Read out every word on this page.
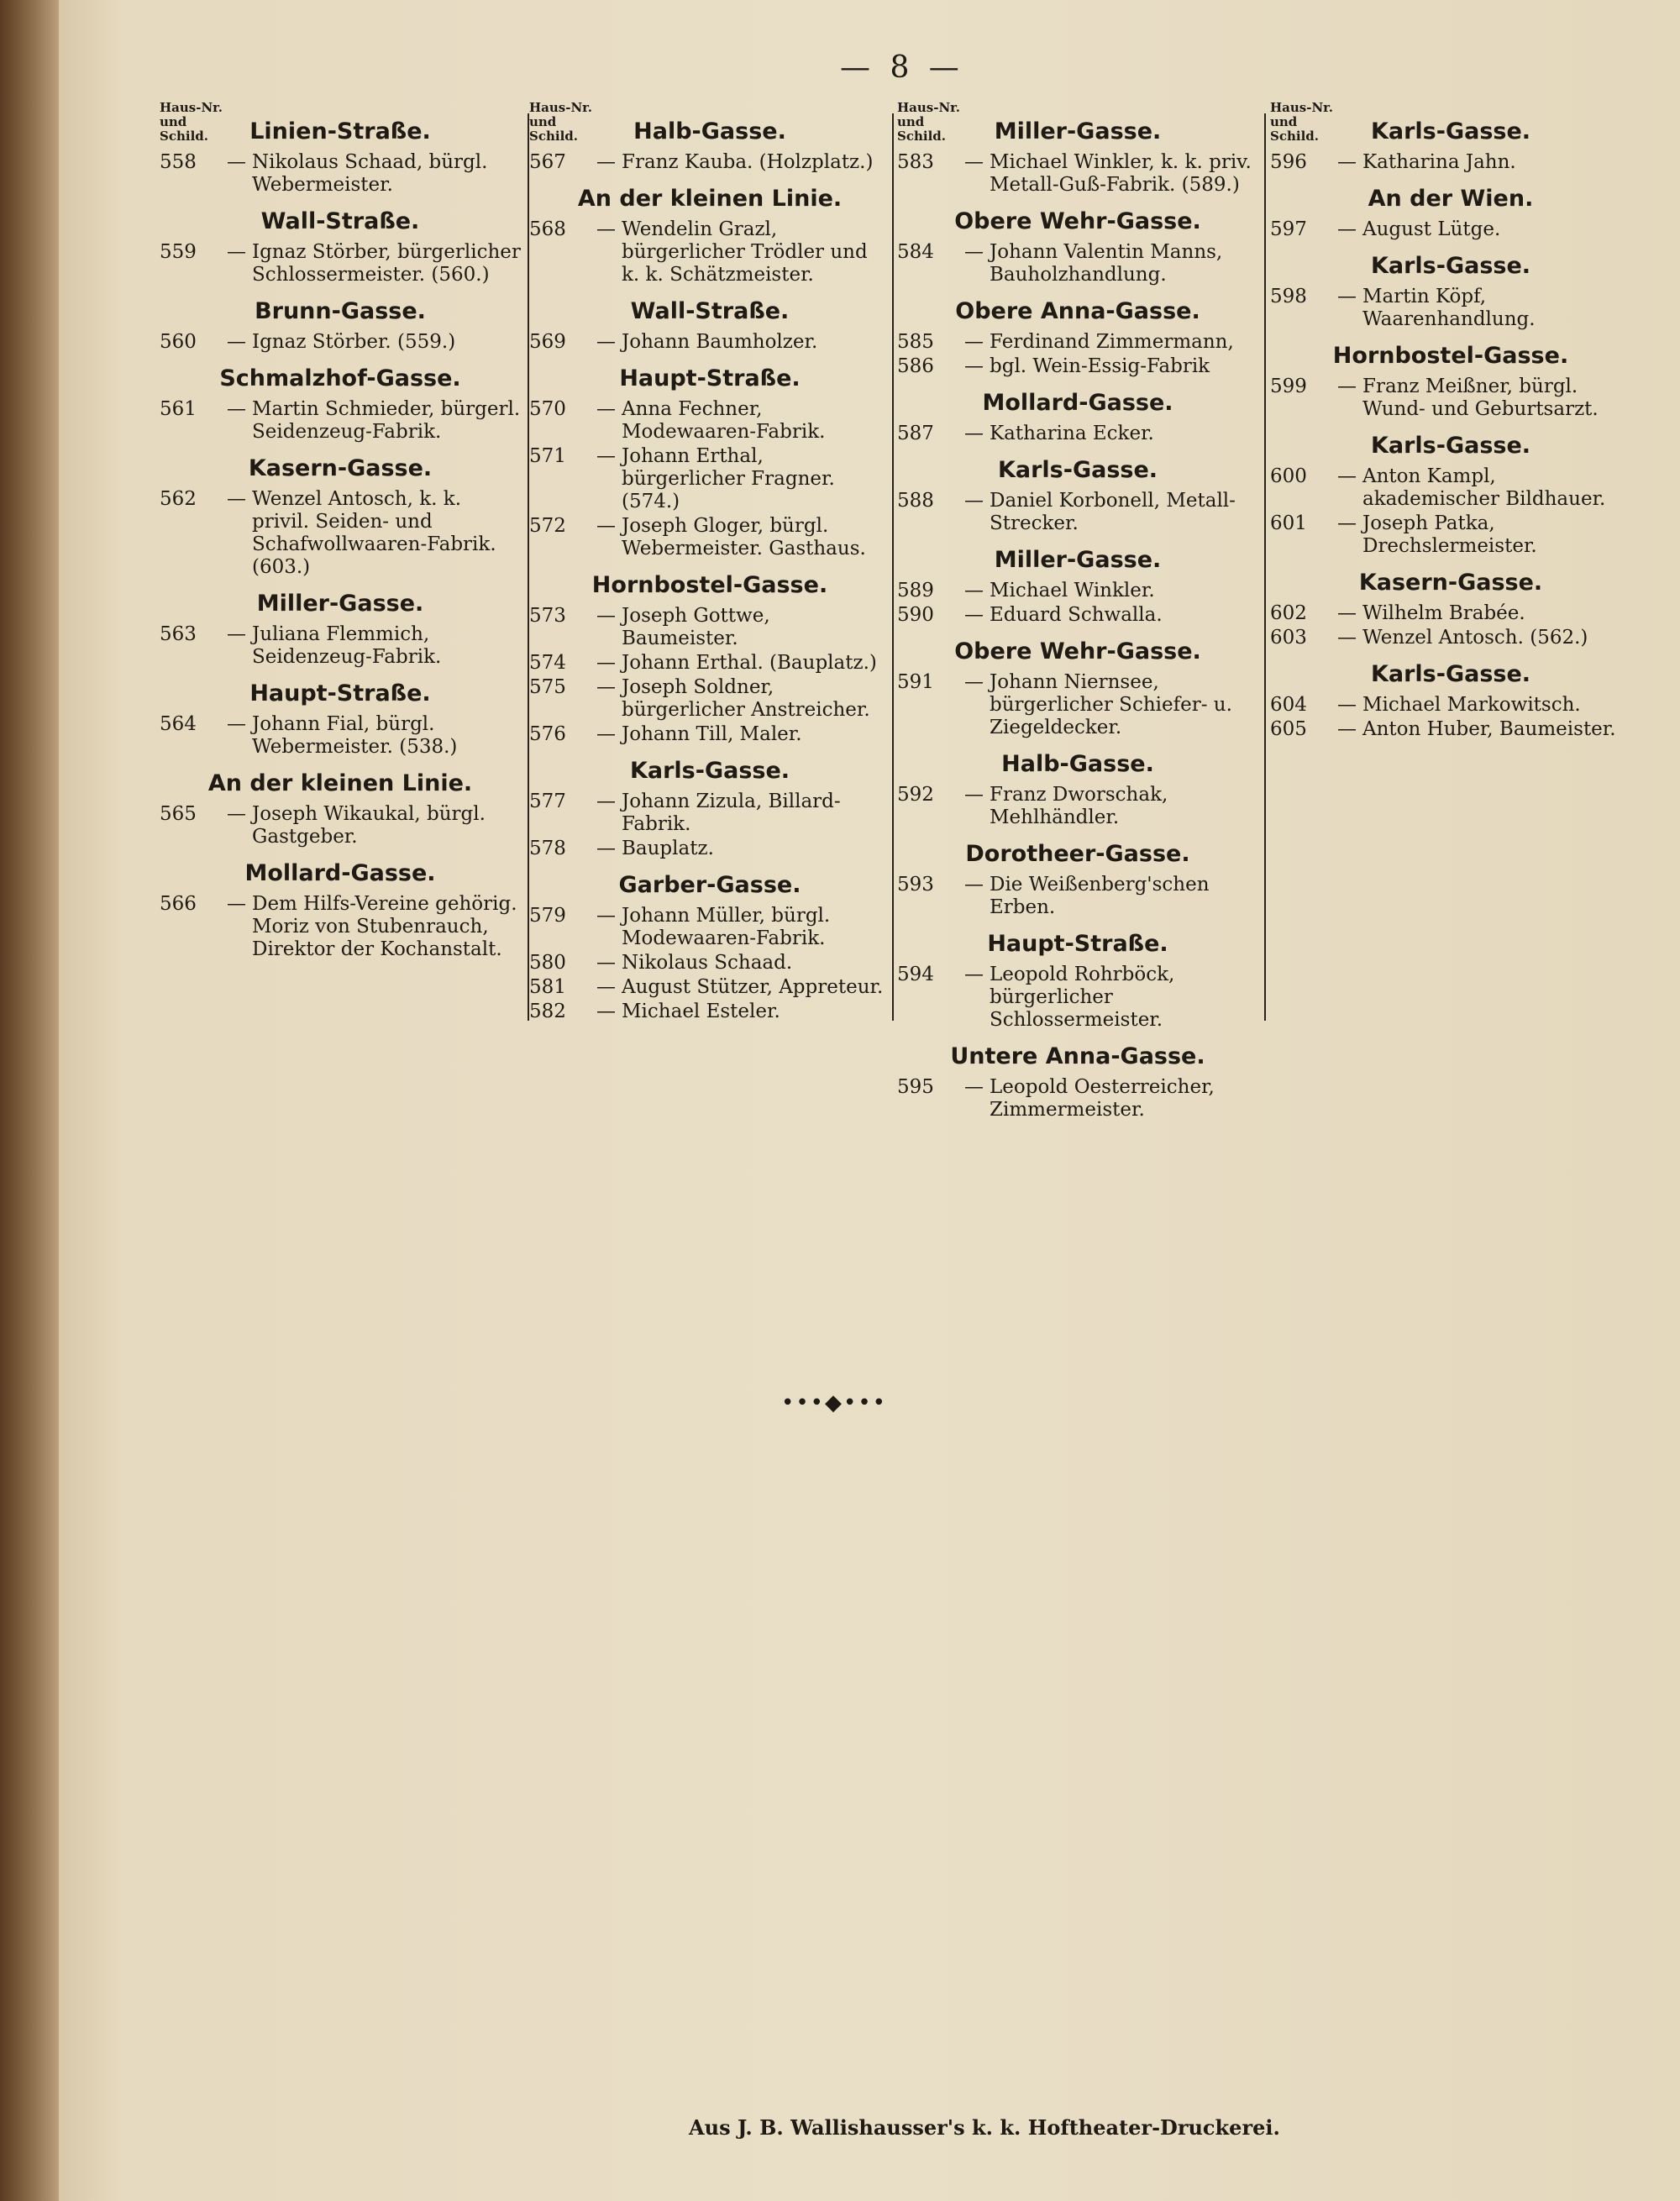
— 8 —
Haus-Nr. und Schild.	Linien-Straße.
558	— Nikolaus Schaad, bürgl. Webermeister.
Wall-Straße.
559	— Ignaz Störber, bürgerlicher Schlossermeister. (560.)
Brunn-Gasse.
560	— Ignaz Störber. (559.)
Schmalzhof-Gasse.
561	— Martin Schmieder, bürgerl. Seidenzeug-Fabrik.
Kasern-Gasse.
562	— Wenzel Antosch, k. k. privil. Seiden- und Schafwollwaaren-Fabrik. (603.)
Miller-Gasse.
563	— Juliana Flemmich, Seidenzeug-Fabrik.
Haupt-Straße.
564	— Johann Fial, bürgl. Webermeister. (538.)
An der kleinen Linie.
565	— Joseph Wikaukal, bürgl. Gastgeber.
Mollard-Gasse.
566	— Dem Hilfs-Vereine gehörig. Moriz von Stubenrauch, Direktor der Kochanstalt.
Haus-Nr. und Schild.	Halb-Gasse.
567	— Franz Kauba. (Holzplatz.)
An der kleinen Linie.
568	— Wendelin Grazl, bürgerlicher Trödler und k. k. Schätzmeister.
Wall-Straße.
569	— Johann Baumholzer.
Haupt-Straße.
570	— Anna Fechner, Modewaaren-Fabrik.
571	— Johann Erthal, bürgerlicher Fragner. (574.)
572	— Joseph Gloger, bürgl. Webermeister. Gasthaus.
Hornbostel-Gasse.
573	— Joseph Gottwe, Baumeister.
574	— Johann Erthal. (Bauplatz.)
575	— Joseph Soldner, bürgerlicher Anstreicher.
576	— Johann Till, Maler.
Karls-Gasse.
577	— Johann Zizula, Billard-Fabrik.
578	— Bauplatz.
Garber-Gasse.
579	— Johann Müller, bürgl. Modewaaren-Fabrik.
580	— Nikolaus Schaad.
581	— August Stützer, Appreteur.
582	— Michael Esteler.
Haus-Nr. und Schild.	Miller-Gasse.
583	— Michael Winkler, k. k. priv. Metall-Guß-Fabrik. (589.)
Obere Wehr-Gasse.
584	— Johann Valentin Manns, Bauholzhandlung.
Obere Anna-Gasse.
585	— Ferdinand Zimmermann,
586	— bgl. Wein-Essig-Fabrik
Mollard-Gasse.
587	— Katharina Ecker.
Karls-Gasse.
588	— Daniel Korbonell, Metall-Strecker.
Miller-Gasse.
589	— Michael Winkler.
590	— Eduard Schwalla.
Obere Wehr-Gasse.
591	— Johann Niernsee, bürgerlicher Schiefer- u. Ziegeldecker.
Halb-Gasse.
592	— Franz Dworschak, Mehlhändler.
Dorotheer-Gasse.
593	— Die Weißenberg'schen Erben.
Haupt-Straße.
594	— Leopold Rohrböck, bürgerlicher Schlossermeister.
Untere Anna-Gasse.
595	— Leopold Oesterreicher, Zimmermeister.
Haus-Nr. und Schild.	Karls-Gasse.
596	— Katharina Jahn.
An der Wien.
597	— August Lütge.
Karls-Gasse.
598	— Martin Köpf, Waarenhandlung.
Hornbostel-Gasse.
599	— Franz Meißner, bürgl. Wund- und Geburtsarzt.
Karls-Gasse.
600	— Anton Kampl, akademischer Bildhauer.
601	— Joseph Patka, Drechslermeister.
Kasern-Gasse.
602	— Wilhelm Brabée.
603	— Wenzel Antosch. (562.)
Karls-Gasse.
604	— Michael Markowitsch.
605	— Anton Huber, Baumeister.
•••◆•••
Aus J. B. Wallishausser's k. k. Hoftheater-Druckerei.
